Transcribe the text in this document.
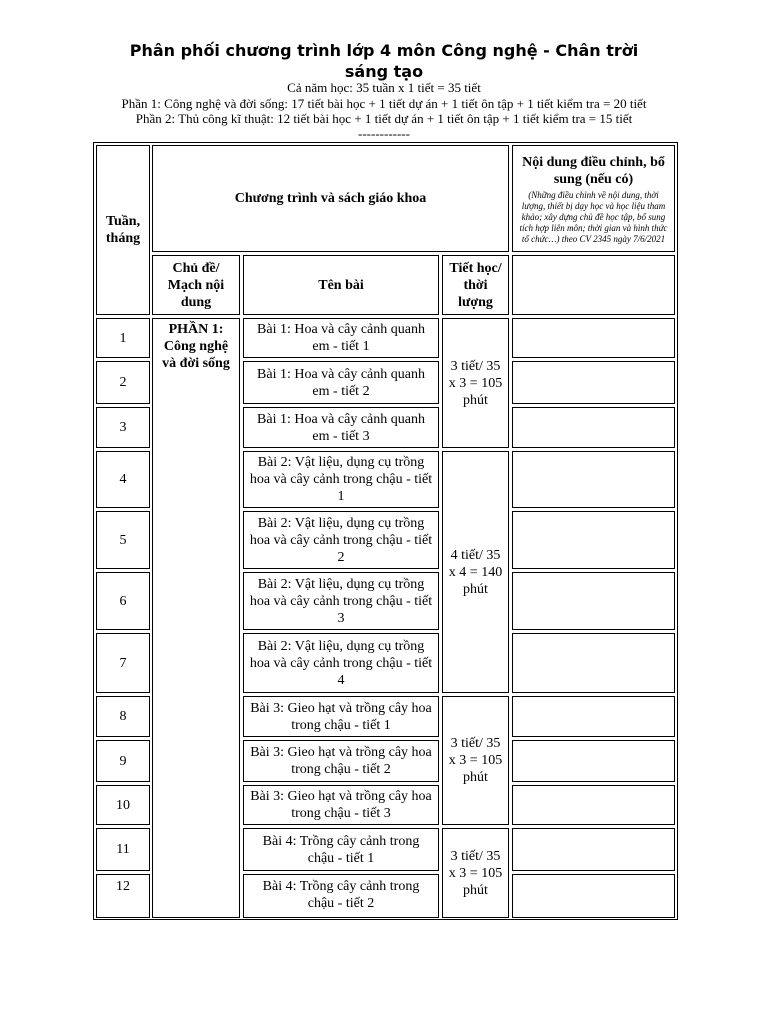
Phân phối chương trình lớp 4 môn Công nghệ - Chân trời sáng tạo
Cả năm học: 35 tuần x 1 tiết = 35 tiết
Phần 1: Công nghệ và đời sống: 17 tiết bài học + 1 tiết dự án + 1 tiết ôn tập + 1 tiết kiểm tra = 20 tiết
Phần 2: Thủ công kĩ thuật: 12 tiết bài học + 1 tiết dự án + 1 tiết ôn tập + 1 tiết kiểm tra = 15 tiết
------------
Tuần, tháng
Chương trình và sách giáo khoa
Nội dung điều chỉnh, bổ sung (nếu có)
(Những điều chỉnh về nội dung, thời lượng, thiết bị dạy học và học liệu tham khảo; xây dựng chủ đề học tập, bổ sung tích hợp liên môn; thời gian và hình thức tổ chức…) theo CV 2345 ngày 7/6/2021
Chủ đề/ Mạch nội dung
Tên bài
Tiết học/ thời lượng
PHẦN 1: Công nghệ và đời sống	3 tiết/ 35 x 3 = 105 phút
4 tiết/ 35 x 4 = 140 phút
3 tiết/ 35 x 3 = 105 phút
3 tiết/ 35 x 3 = 105 phút
1
Bài 1: Hoa và cây cảnh quanh em - tiết 1
2
Bài 1: Hoa và cây cảnh quanh em - tiết 2
3
Bài 1: Hoa và cây cảnh quanh em - tiết 3
4
Bài 2: Vật liệu, dụng cụ trồng hoa và cây cảnh trong chậu - tiết 1
5
Bài 2: Vật liệu, dụng cụ trồng hoa và cây cảnh trong chậu - tiết 2
6
Bài 2: Vật liệu, dụng cụ trồng hoa và cây cảnh trong chậu - tiết 3
7
Bài 2: Vật liệu, dụng cụ trồng hoa và cây cảnh trong chậu - tiết 4
8
Bài 3: Gieo hạt và trồng cây hoa trong chậu - tiết 1
9
Bài 3: Gieo hạt và trồng cây hoa trong chậu - tiết 2
10
Bài 3: Gieo hạt và trồng cây hoa trong chậu - tiết 3
11
Bài 4: Trồng cây cảnh trong chậu - tiết 1
12	Bài 4: Trồng cây cảnh trong chậu - tiết 2
